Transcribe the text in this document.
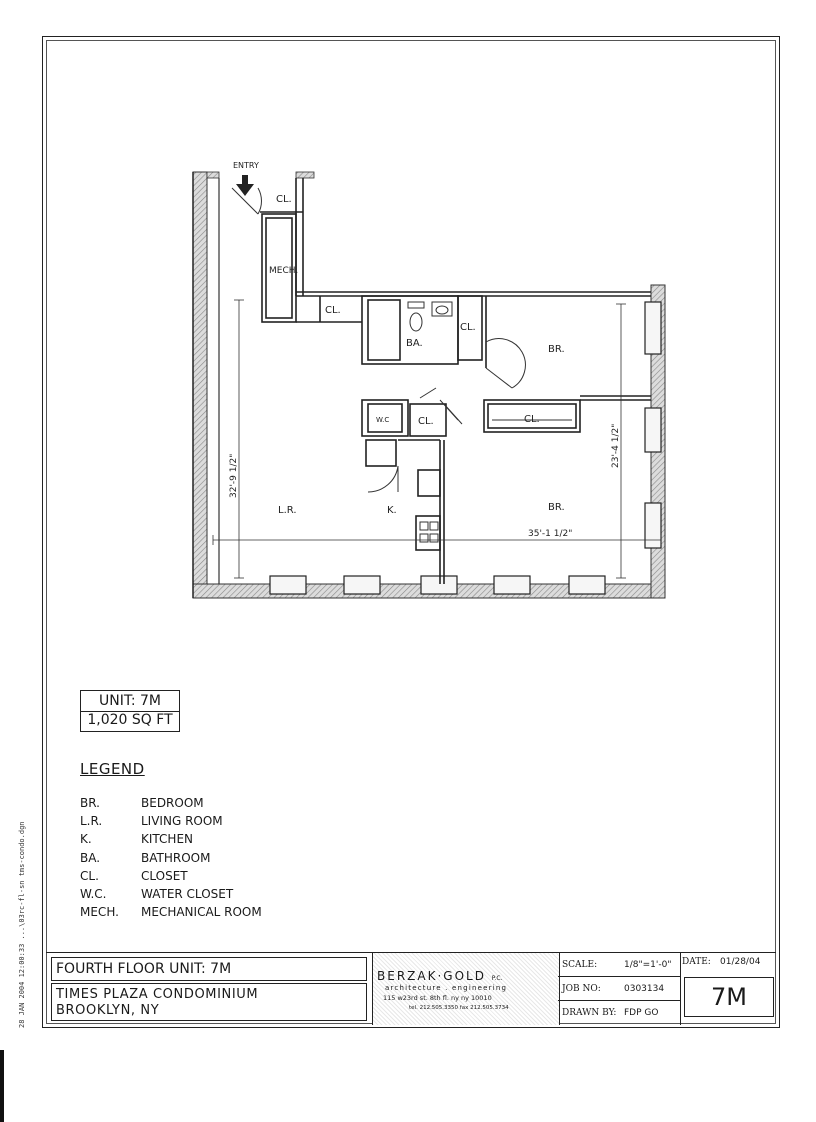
ENTRY
CL.
MECH.
CL.
BA.
CL.
BR.
W.C	CL.	CL.
L.R.	K.	BR.
32'-9 1/2"
23'-4 1/2"
35'-1 1/2"
UNIT: 7M
1,020 SQ FT
LEGEND
BR.	BEDROOM
L.R.	LIVING ROOM
K.	KITCHEN
BA.	BATHROOM
CL.	CLOSET
W.C.	WATER CLOSET
MECH.	MECHANICAL ROOM
FOURTH FLOOR UNIT: 7M
TIMES PLAZA CONDOMINIUM
BROOKLYN, NY
BERZAK·GOLD P.C.
architecture . engineering
115 w23rd st. 8th fl. ny ny 10010
tel. 212.505.3350 fax 212.505.3734
SCALE:	1/8"=1'-0"
JOB NO:	0303134
DRAWN BY: FDP GO
DATE: 01/28/04
7M
28 JAN 2004 12:00:33 ...\03rc-fl-sn tms-condo.dgn
